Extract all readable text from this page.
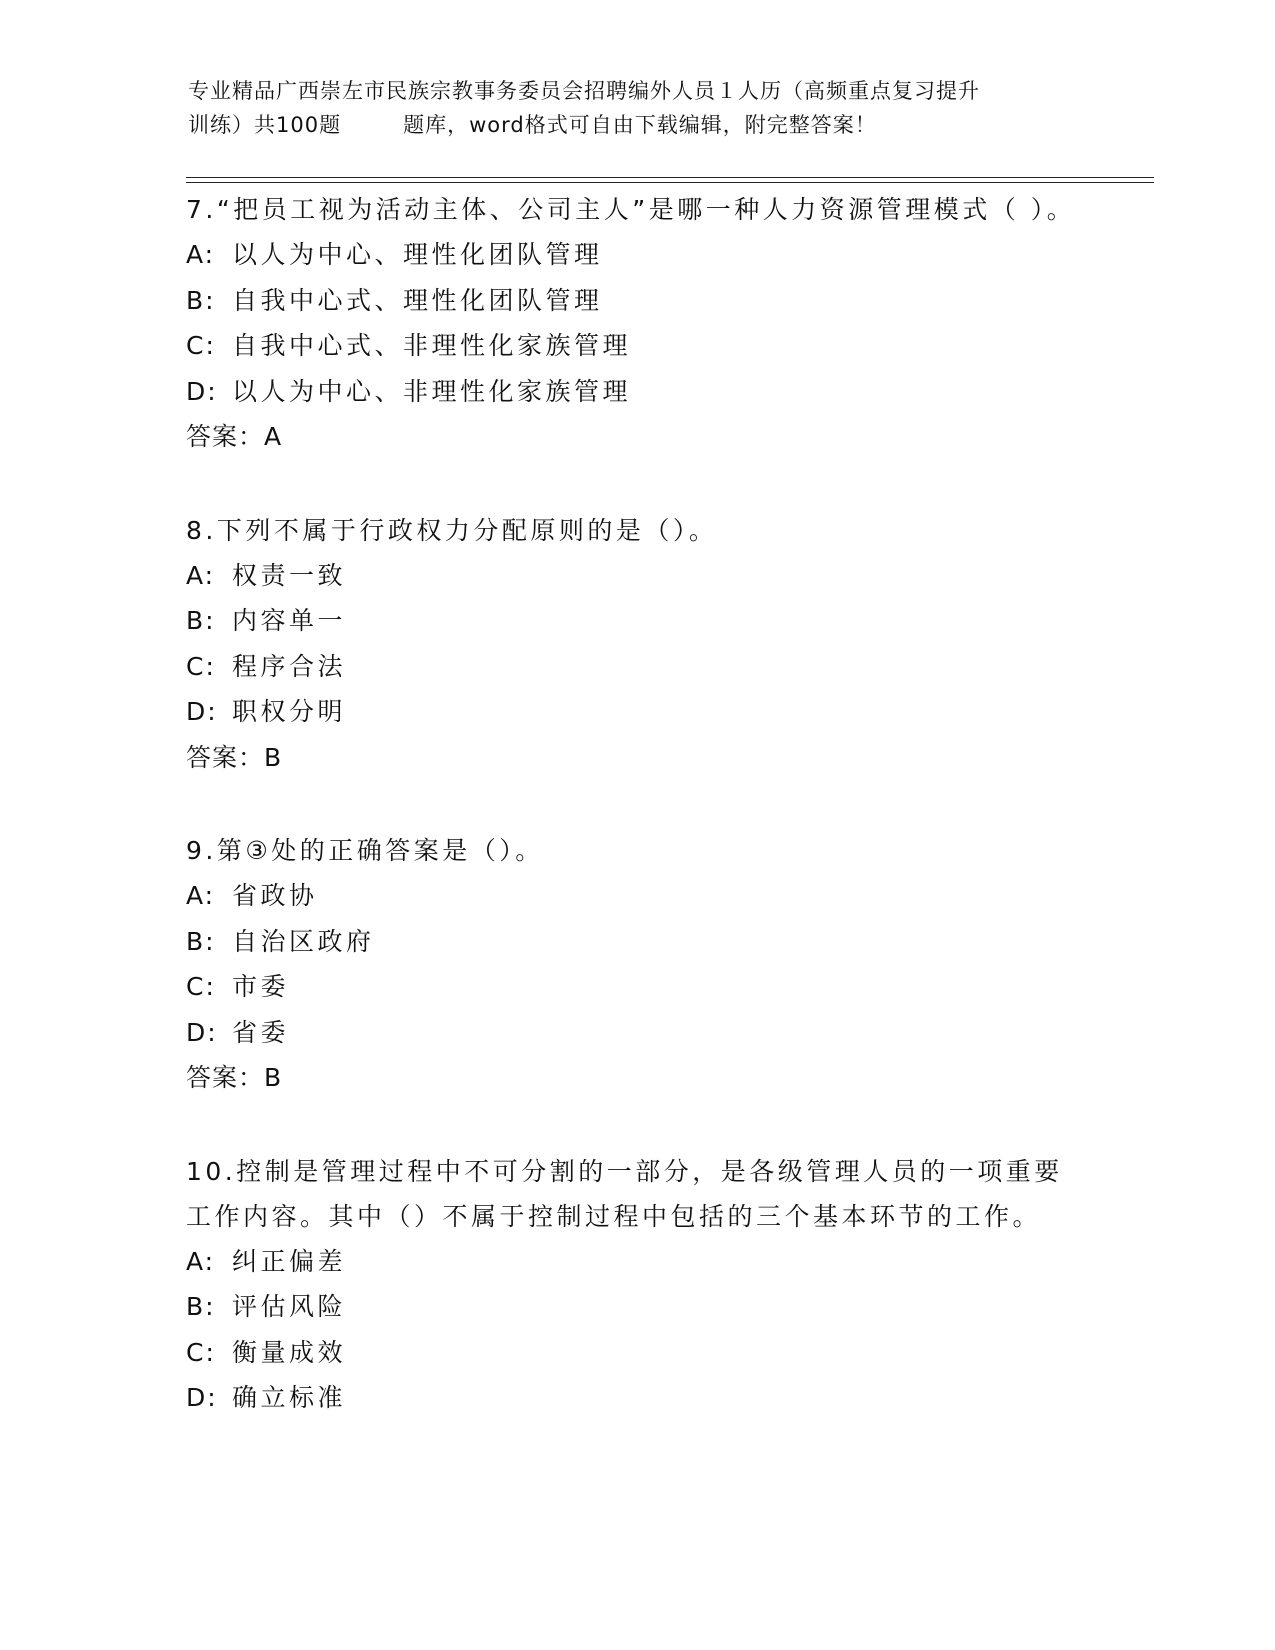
专业精品广西崇左市民族宗教事务委员会招聘编外人员１人历（高频重点复习提升
训练）共100题	题库，word格式可自由下载编辑，附完整答案！
7.“把员工视为活动主体、公司主人”是哪一种人力资源管理模式（ ）。
A: 以人为中心、理性化团队管理
B: 自我中心式、理性化团队管理
C: 自我中心式、非理性化家族管理
D: 以人为中心、非理性化家族管理
答案：A
8.下列不属于行政权力分配原则的是（）。
A: 权责一致
B: 内容单一
C: 程序合法
D: 职权分明
答案：B
9.第③处的正确答案是（）。
A: 省政协
B: 自治区政府
C: 市委
D: 省委
答案：B
10.控制是管理过程中不可分割的一部分，是各级管理人员的一项重要工作内容。其中（）不属于控制过程中包括的三个基本环节的工作。
A: 纠正偏差
B: 评估风险
C: 衡量成效
D: 确立标准
